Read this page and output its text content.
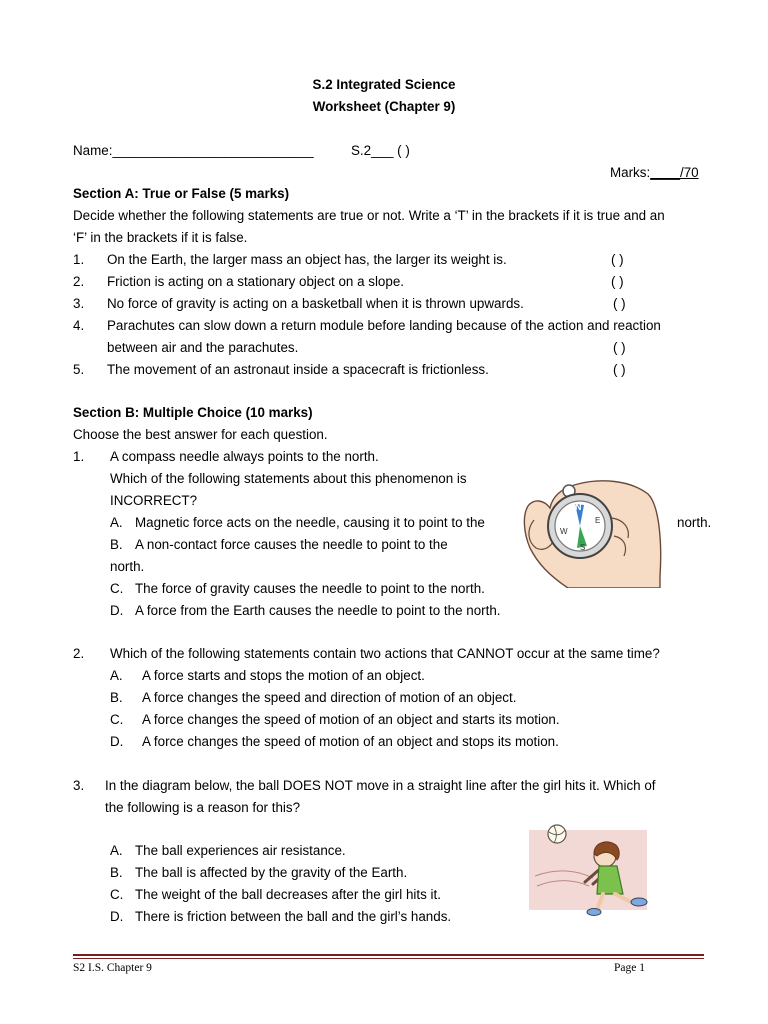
S.2 Integrated Science
Worksheet (Chapter 9)
Name:___________________________	S.2___ ( )
Marks:____/70
Section A: True or False (5 marks)
Decide whether the following statements are true or not. Write a ‘T’ in the brackets if it is true and an
‘F’ in the brackets if it is false.
1. On the Earth, the larger mass an object has, the larger its weight is.	( )
2. Friction is acting on a stationary object on a slope.	( )
3. No force of gravity is acting on a basketball when it is thrown upwards.	( )
4. Parachutes can slow down a return module before landing because of the action and reaction
between air and the parachutes.	( )
5. The movement of an astronaut inside a spacecraft is frictionless.	( )
Section B: Multiple Choice (10 marks)
Choose the best answer for each question.
1. A compass needle always points to the north.
Which of the following statements about this phenomenon is
INCORRECT?
A. Magnetic force acts on the needle, causing it to point to the	north.
B. A non-contact force causes the needle to point to the
north.
C. The force of gravity causes the needle to point to the north.
D. A force from the Earth causes the needle to point to the north.
N
E
S
W
2. Which of the following statements contain two actions that CANNOT occur at the same time?
A. A force starts and stops the motion of an object.
B. A force changes the speed and direction of motion of an object.
C. A force changes the speed of motion of an object and starts its motion.
D. A force changes the speed of motion of an object and stops its motion.
3. In the diagram below, the ball DOES NOT move in a straight line after the girl hits it. Which of
the following is a reason for this?
A. The ball experiences air resistance.
B. The ball is affected by the gravity of the Earth.
C. The weight of the ball decreases after the girl hits it.
D. There is friction between the ball and the girl’s hands.
S2 I.S. Chapter 9	Page 1
